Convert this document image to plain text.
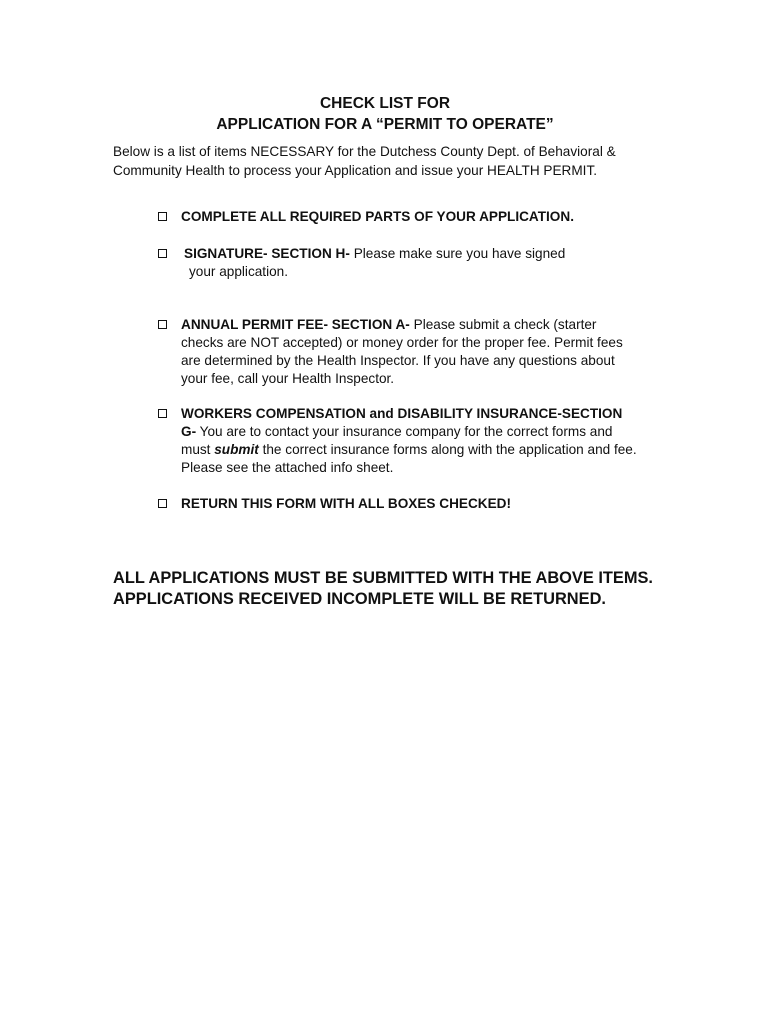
CHECK LIST FOR

APPLICATION FOR A “PERMIT TO OPERATE”

Below is a list of items NECESSARY for the Dutchess County Dept. of Behavioral & Community Health to process your Application and issue your HEALTH PERMIT.

COMPLETE ALL REQUIRED PARTS OF YOUR APPLICATION.
SIGNATURE- SECTION H- Please make sure you have signed
your application.
ANNUAL PERMIT FEE- SECTION A- Please submit a check (starter checks are NOT accepted) or money order for the proper fee. Permit fees are determined by the Health Inspector. If you have any questions about your fee, call your Health Inspector.
WORKERS COMPENSATION and DISABILITY INSURANCE-SECTION G- You are to contact your insurance company for the correct forms and must submit the correct insurance forms along with the application and fee. Please see the attached info sheet.
RETURN THIS FORM WITH ALL BOXES CHECKED!

ALL APPLICATIONS MUST BE SUBMITTED WITH THE ABOVE ITEMS. APPLICATIONS RECEIVED INCOMPLETE WILL BE RETURNED.
